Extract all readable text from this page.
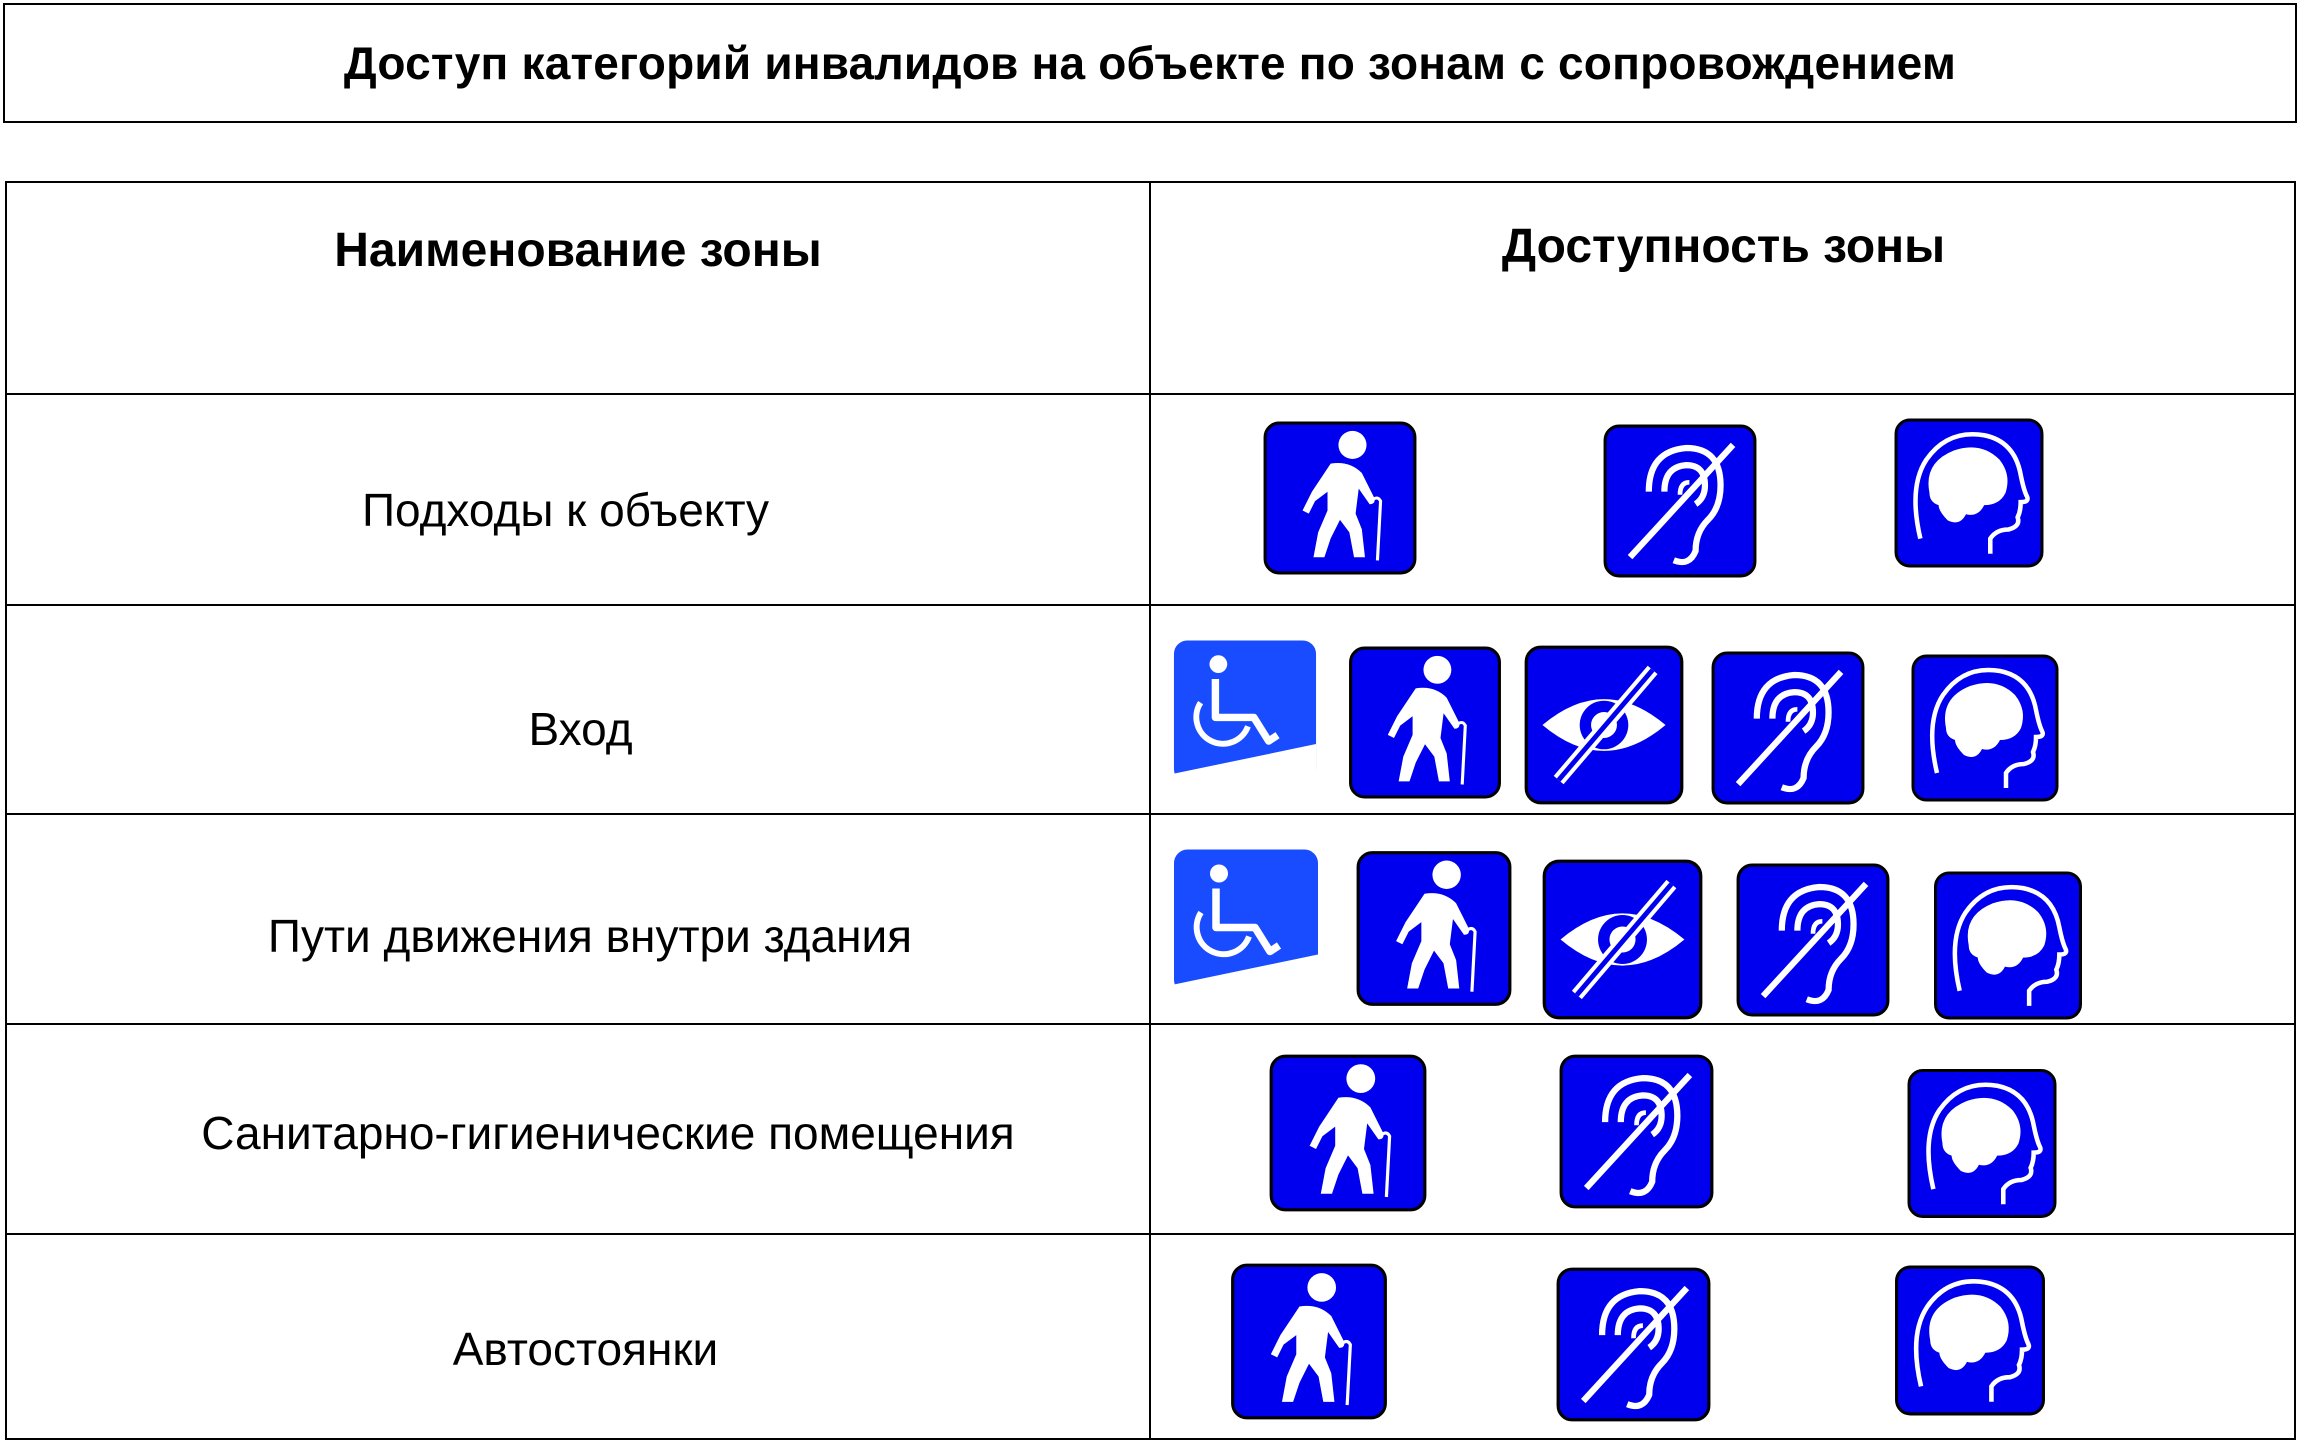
Доступ категорий инвалидов на объекте по зонам с сопровождением
Наименование зоны	Доступность зоны
Подходы к объекту
Вход
Пути движения внутри здания
Санитарно-гигиенические помещения
Автостоянки
